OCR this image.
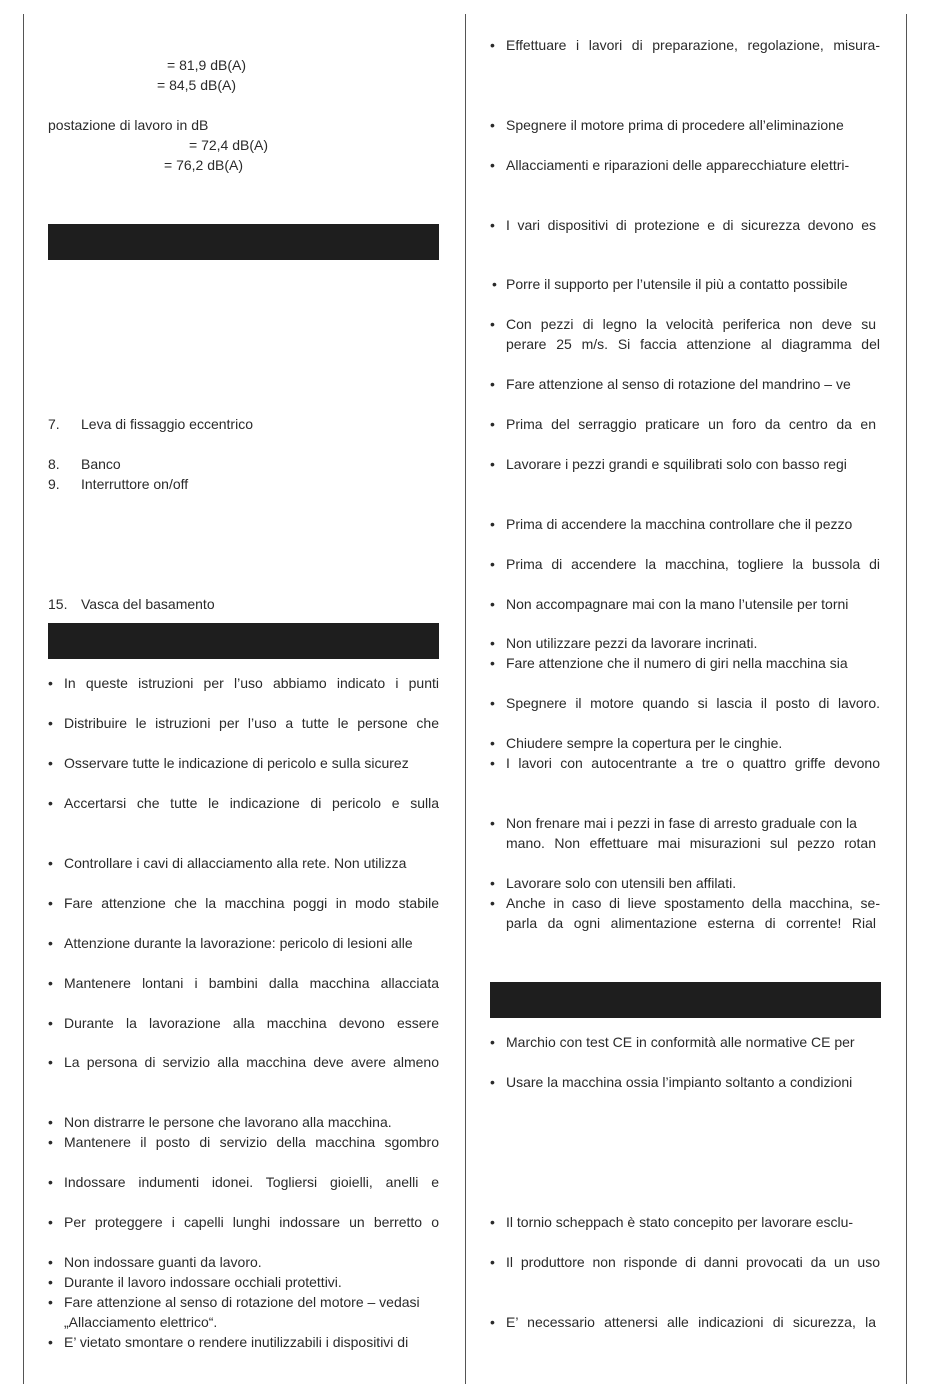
= 81,9 dB(A)
= 84,5 dB(A)
postazione di lavoro in dB
= 72,4 dB(A)
= 76,2 dB(A)
7. Leva di fissaggio eccentrico
8. Banco
9. Interruttore on/off
15. Vasca del basamento
• In queste istruzioni per l’uso abbiamo indicato i punti
• Distribuire le istruzioni per l’uso a tutte le persone che
• Osservare tutte le indicazione di pericolo e sulla sicurez
• Accertarsi che tutte le indicazione di pericolo e sulla
• Controllare i cavi di allacciamento alla rete. Non utilizza
• Fare attenzione che la macchina poggi in modo stabile
• Attenzione durante la lavorazione: pericolo di lesioni alle
• Mantenere lontani i bambini dalla macchina allacciata
• Durante la lavorazione alla macchina devono essere
• La persona di servizio alla macchina deve avere almeno
• Non distrarre le persone che lavorano alla macchina.
• Mantenere il posto di servizio della macchina sgombro
• Indossare indumenti idonei. Togliersi gioielli, anelli e
• Per proteggere i capelli lunghi indossare un berretto o
• Non indossare guanti da lavoro.
• Durante il lavoro indossare occhiali protettivi.
• Fare attenzione al senso di rotazione del motore – vedasi
„Allacciamento elettrico“.
• E’ vietato smontare o rendere inutilizzabili i dispositivi di
• Effettuare i lavori di preparazione, regolazione, misura-
• Spegnere il motore prima di procedere all’eliminazione
• Allacciamenti e riparazioni delle apparecchiature elettri-
• I vari dispositivi di protezione e di sicurezza devono es
• Porre il supporto per l’utensile il più a contatto possibile
• Con pezzi di legno la velocità periferica non deve su
perare 25 m/s. Si faccia attenzione al diagramma del
• Fare attenzione al senso di rotazione del mandrino – ve
• Prima del serraggio praticare un foro da centro da en
• Lavorare i pezzi grandi e squilibrati solo con basso regi
• Prima di accendere la macchina controllare che il pezzo
• Prima di accendere la macchina, togliere la bussola di
• Non accompagnare mai con la mano l’utensile per torni
• Non utilizzare pezzi da lavorare incrinati.
• Fare attenzione che il numero di giri nella macchina sia
• Spegnere il motore quando si lascia il posto di lavoro.
• Chiudere sempre la copertura per le cinghie.
• I lavori con autocentrante a tre o quattro griffe devono
• Non frenare mai i pezzi in fase di arresto graduale con la
mano. Non effettuare mai misurazioni sul pezzo rotan
• Lavorare solo con utensili ben affilati.
• Anche in caso di lieve spostamento della macchina, se-
parla da ogni alimentazione esterna di corrente! Rial
• Marchio con test CE in conformità alle normative CE per
• Usare la macchina ossia l’impianto soltanto a condizioni
• Il tornio scheppach è stato concepito per lavorare esclu-
• Il produttore non risponde di danni provocati da un uso
• E’ necessario attenersi alle indicazioni di sicurezza, la
